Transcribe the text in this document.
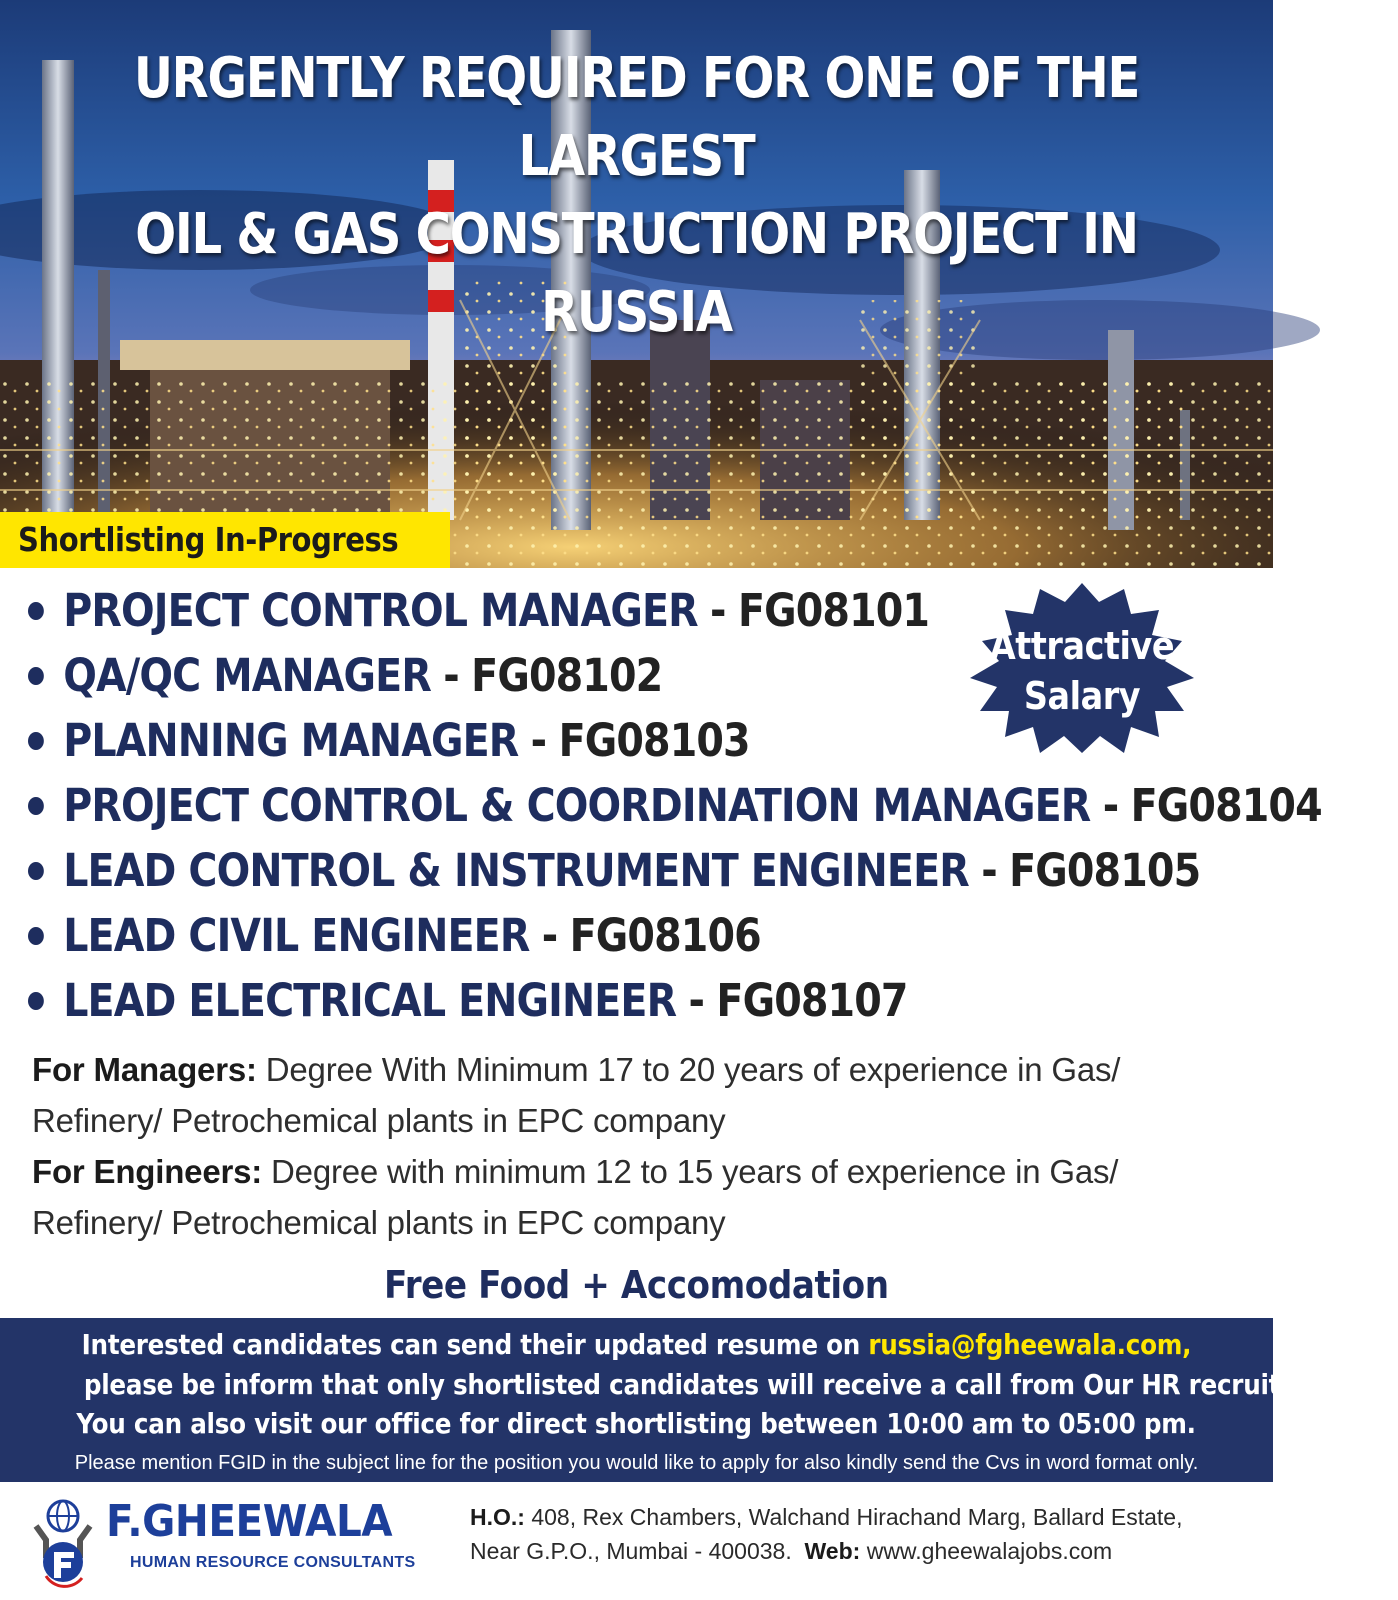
URGENTLY REQUIRED FOR ONE OF THE LARGEST
OIL & GAS CONSTRUCTION PROJECT IN RUSSIA
Shortlisting In-Progress
PROJECT CONTROL MANAGER - FG08101
QA/QC MANAGER - FG08102
PLANNING MANAGER - FG08103
PROJECT CONTROL & COORDINATION MANAGER - FG08104
LEAD CONTROL & INSTRUMENT ENGINEER - FG08105
LEAD CIVIL ENGINEER - FG08106
LEAD ELECTRICAL ENGINEER - FG08107
Attractive
Salary
For Managers: Degree With Minimum 17 to 20 years of experience in Gas/
Refinery/ Petrochemical plants in EPC company
For Engineers: Degree with minimum 12 to 15 years of experience in Gas/
Refinery/ Petrochemical plants in EPC company
Free Food + Accomodation
Interested candidates can send their updated resume on russia@fgheewala.com,
please be inform that only shortlisted candidates will receive a call from Our HR recruiter.
You can also visit our office for direct shortlisting between 10:00 am to 05:00 pm.
Please mention FGID in the subject line for the position you would like to apply for also kindly send the Cvs in word format only.
F.GHEEWALA
HUMAN RESOURCE CONSULTANTS
H.O.: 408, Rex Chambers, Walchand Hirachand Marg, Ballard Estate,
Near G.P.O., Mumbai - 400038. Web: www.gheewalajobs.com
